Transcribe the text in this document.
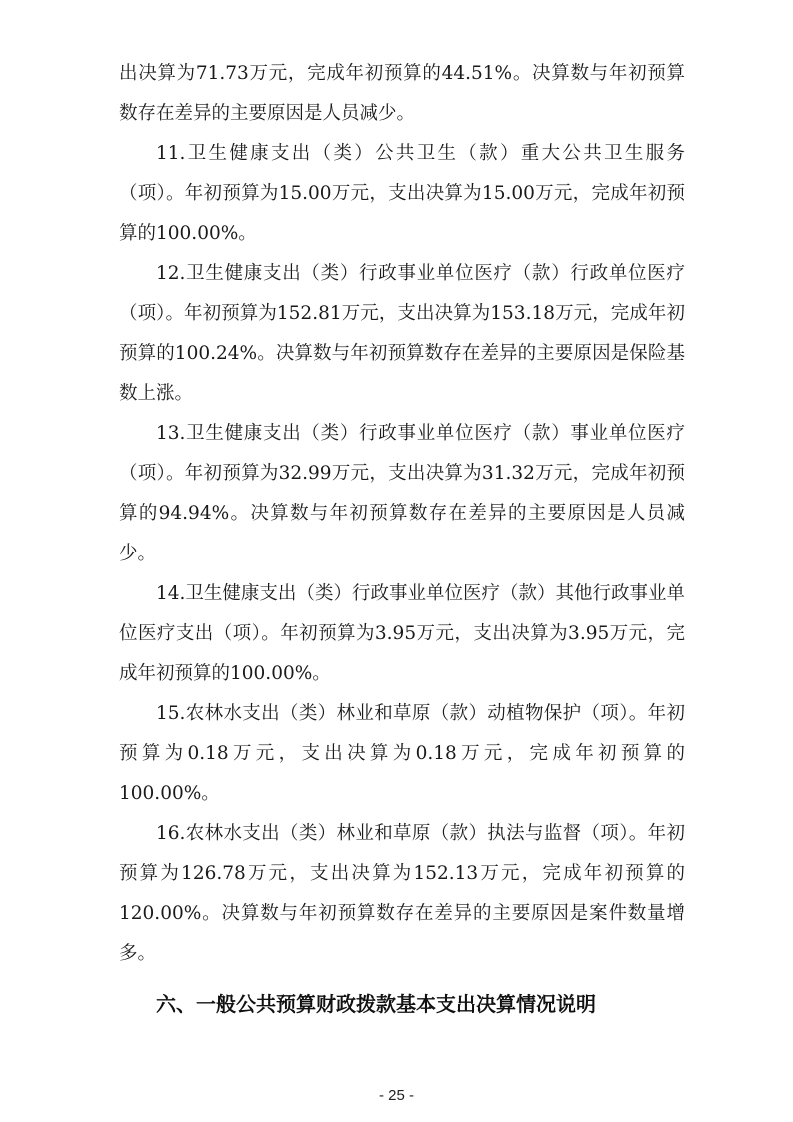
出决算为71.73万元，完成年初预算的44.51%。决算数与年初预算数存在差异的主要原因是人员减少。

11.卫生健康支出（类）公共卫生（款）重大公共卫生服务（项）。年初预算为15.00万元，支出决算为15.00万元，完成年初预算的100.00%。

12.卫生健康支出（类）行政事业单位医疗（款）行政单位医疗（项）。年初预算为152.81万元，支出决算为153.18万元，完成年初预算的100.24%。决算数与年初预算数存在差异的主要原因是保险基数上涨。

13.卫生健康支出（类）行政事业单位医疗（款）事业单位医疗（项）。年初预算为32.99万元，支出决算为31.32万元，完成年初预算的94.94%。决算数与年初预算数存在差异的主要原因是人员减少。

14.卫生健康支出（类）行政事业单位医疗（款）其他行政事业单位医疗支出（项）。年初预算为3.95万元，支出决算为3.95万元，完成年初预算的100.00%。

15.农林水支出（类）林业和草原（款）动植物保护（项）。年初预算为0.18万元，支出决算为0.18万元，完成年初预算的100.00%。

16.农林水支出（类）林业和草原（款）执法与监督（项）。年初预算为126.78万元，支出决算为152.13万元，完成年初预算的120.00%。决算数与年初预算数存在差异的主要原因是案件数量增多。

六、一般公共预算财政拨款基本支出决算情况说明
- 25 -
